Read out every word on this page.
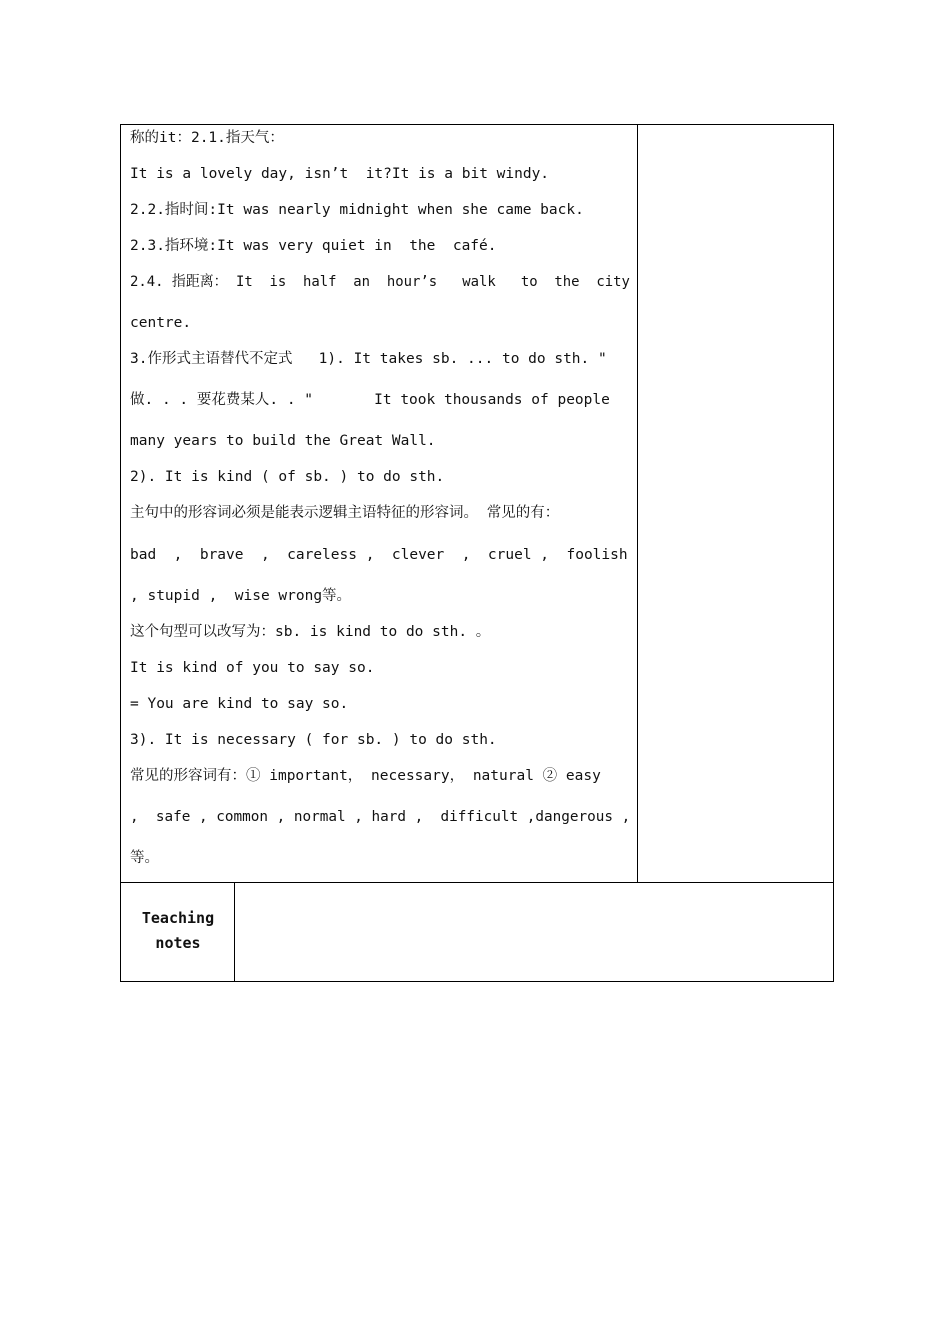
称的it：2.1.指天气：
It is a lovely day, isn’t  it?It is a bit windy.
2.2.指时间:It was nearly midnight when she came back.
2.3.指环境:It was very quiet in  the  café.
2.4. 指距离： It  is  half  an  hour’s   walk   to  the  city
centre.
3.作形式主语替代不定式   1). It takes sb. ... to do sth. "
做. . . 要花费某人. . "       It took thousands of people
many years to build the Great Wall.
2). It is kind ( of sb. ) to do sth.
主句中的形容词必须是能表示逻辑主语特征的形容词。 常见的有：
bad  ,  brave  ,  careless ,  clever  ,  cruel ,  foolish
, stupid ,  wise wrong等。
这个句型可以改写为：sb. is kind to do sth. 。
It is kind of you to say so.
= You are kind to say so.
3). It is necessary ( for sb. ) to do sth.
常见的形容词有：① important， necessary， natural ② easy
,  safe , common , normal , hard ,  difficult ,dangerous ,
等。
Teaching
notes
